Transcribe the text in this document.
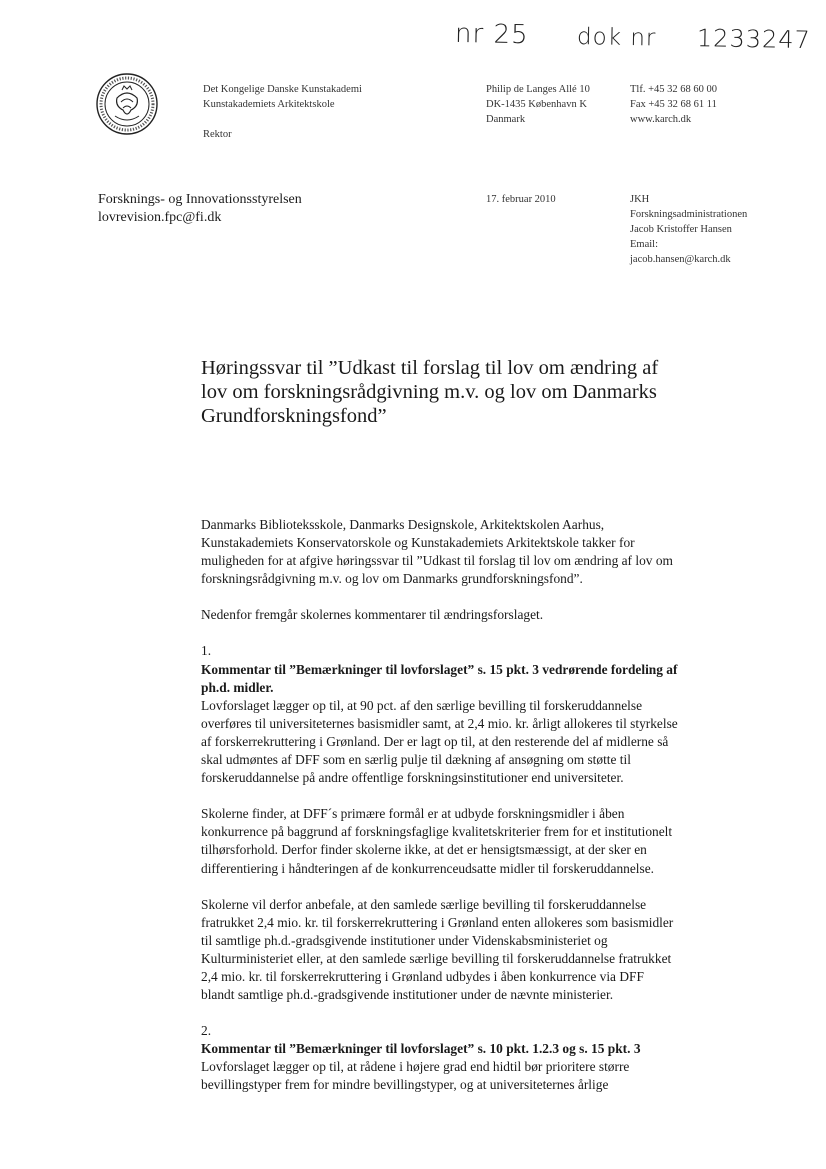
nr 25 dok nr 1233247
Det Kongelige Danske Kunstakademi
Kunstakademiets Arkitektskole
Rektor
Philip de Langes Allé 10
DK-1435 København K
Danmark
Tlf. +45 32 68 60 00
Fax +45 32 68 61 11
www.karch.dk
Forsknings- og Innovationsstyrelsen
lovrevision.fpc@fi.dk
17. februar 2010	JKH
Forskningsadministrationen
Jacob Kristoffer Hansen
Email:
jacob.hansen@karch.dk
Høringssvar til ”Udkast til forslag til lov om ændring af
lov om forskningsrådgivning m.v. og lov om Danmarks
Grundforskningsfond”

Danmarks Biblioteksskole, Danmarks Designskole, Arkitektskolen Aarhus,

Kunstakademiets Konservatorskole og Kunstakademiets Arkitektskole takker for

muligheden for at afgive høringssvar til ”Udkast til forslag til lov om ændring af lov om

forskningsrådgivning m.v. og lov om Danmarks grundforskningsfond”.

Nedenfor fremgår skolernes kommentarer til ændringsforslaget.

1.

Kommentar til ”Bemærkninger til lovforslaget” s. 15 pkt. 3 vedrørende fordeling af

ph.d. midler.

Lovforslaget lægger op til, at 90 pct. af den særlige bevilling til forskeruddannelse

overføres til universiteternes basismidler samt, at 2,4 mio. kr. årligt allokeres til styrkelse

af forskerrekruttering i Grønland. Der er lagt op til, at den resterende del af midlerne så

skal udmøntes af DFF som en særlig pulje til dækning af ansøgning om støtte til

forskeruddannelse på andre offentlige forskningsinstitutioner end universiteter.

Skolerne finder, at DFF´s primære formål er at udbyde forskningsmidler i åben

konkurrence på baggrund af forskningsfaglige kvalitetskriterier frem for et institutionelt

tilhørsforhold. Derfor finder skolerne ikke, at det er hensigtsmæssigt, at der sker en

differentiering i håndteringen af de konkurrenceudsatte midler til forskeruddannelse.

Skolerne vil derfor anbefale, at den samlede særlige bevilling til forskeruddannelse

fratrukket 2,4 mio. kr. til forskerrekruttering i Grønland enten allokeres som basismidler

til samtlige ph.d.-gradsgivende institutioner under Videnskabsministeriet og

Kulturministeriet eller, at den samlede særlige bevilling til forskeruddannelse fratrukket

2,4 mio. kr. til forskerrekruttering i Grønland udbydes i åben konkurrence via DFF

blandt samtlige ph.d.-gradsgivende institutioner under de nævnte ministerier.

2.

Kommentar til ”Bemærkninger til lovforslaget” s. 10 pkt. 1.2.3 og s. 15 pkt. 3

Lovforslaget lægger op til, at rådene i højere grad end hidtil bør prioritere større

bevillingstyper frem for mindre bevillingstyper, og at universiteternes årlige
